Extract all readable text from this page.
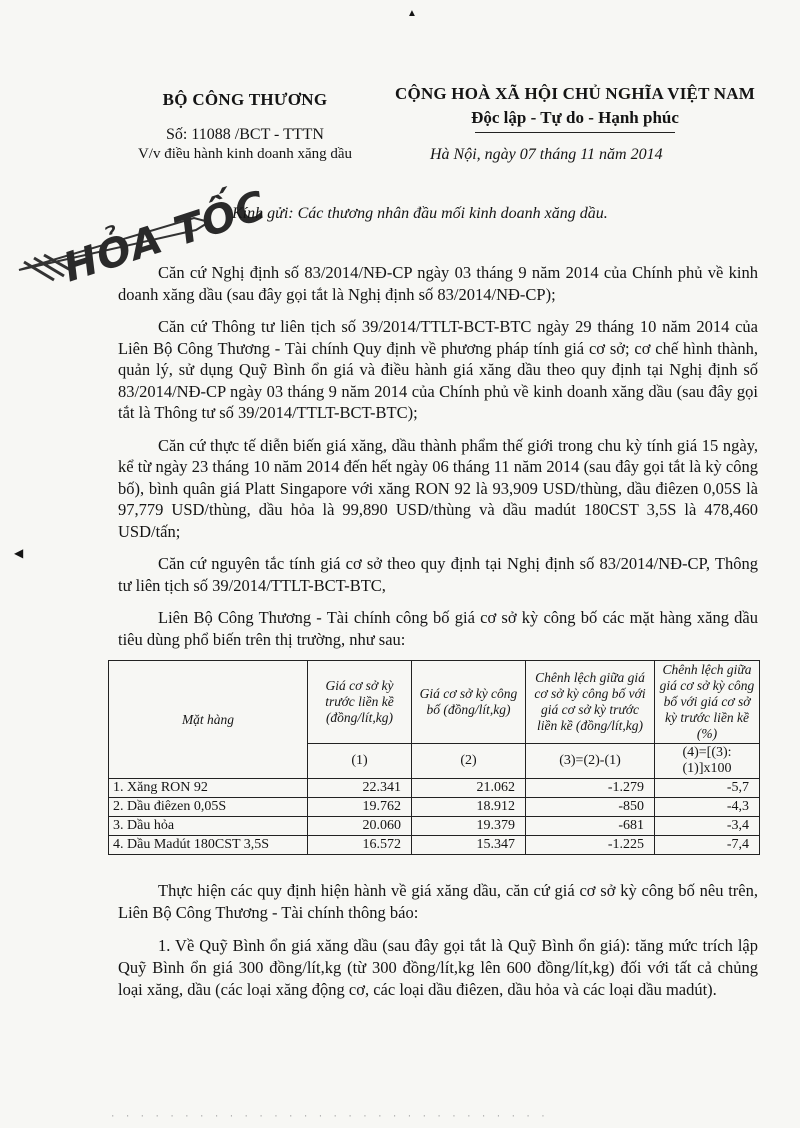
▲
◀
BỘ CÔNG THƯƠNG
Số: 11088 /BCT - TTTN
V/v điều hành kinh doanh xăng dầu
CỘNG HOÀ XÃ HỘI CHỦ NGHĨA VIỆT NAM
Độc lập - Tự do - Hạnh phúc
Hà Nội, ngày 07 tháng 11 năm 2014
HỎA TỐC
Kính gửi: Các thương nhân đầu mối kinh doanh xăng dầu.

Căn cứ Nghị định số 83/2014/NĐ-CP ngày 03 tháng 9 năm 2014 của Chính phủ về kinh doanh xăng dầu (sau đây gọi tắt là Nghị định số 83/2014/NĐ-CP);

Căn cứ Thông tư liên tịch số 39/2014/TTLT-BCT-BTC ngày 29 tháng 10 năm 2014 của Liên Bộ Công Thương - Tài chính Quy định về phương pháp tính giá cơ sở; cơ chế hình thành, quản lý, sử dụng Quỹ Bình ổn giá và điều hành giá xăng dầu theo quy định tại Nghị định số 83/2014/NĐ-CP ngày 03 tháng 9 năm 2014 của Chính phủ về kinh doanh xăng dầu (sau đây gọi tắt là Thông tư số 39/2014/TTLT-BCT-BTC);

Căn cứ thực tế diễn biến giá xăng, dầu thành phẩm thế giới trong chu kỳ tính giá 15 ngày, kể từ ngày 23 tháng 10 năm 2014 đến hết ngày 06 tháng 11 năm 2014 (sau đây gọi tắt là kỳ công bố), bình quân giá Platt Singapore với xăng RON 92 là 93,909 USD/thùng, dầu điêzen 0,05S là 97,779 USD/thùng, dầu hỏa là 99,890 USD/thùng và dầu madút 180CST 3,5S là 478,460 USD/tấn;

Căn cứ nguyên tắc tính giá cơ sở theo quy định tại Nghị định số 83/2014/NĐ-CP, Thông tư liên tịch số 39/2014/TTLT-BCT-BTC,

Liên Bộ Công Thương - Tài chính công bố giá cơ sở kỳ công bố các mặt hàng xăng dầu tiêu dùng phổ biến trên thị trường, như sau:

Mặt hàng	Giá cơ sở kỳ trước liền kề (đồng/lít,kg)	Giá cơ sở kỳ công bố (đồng/lít,kg)	Chênh lệch giữa giá cơ sở kỳ công bố với giá cơ sở kỳ trước liền kề (đồng/lít,kg)	Chênh lệch giữa giá cơ sở kỳ công bố với giá cơ sở kỳ trước liền kề (%)
	(1)	(2)	(3)=(2)-(1)	(4)=[(3):(1)]x100
1. Xăng RON 92	22.341	21.062	-1.279	-5,7
2. Dầu điêzen 0,05S	19.762	18.912	-850	-4,3
3. Dầu hỏa	20.060	19.379	-681	-3,4
4. Dầu Madút 180CST 3,5S	16.572	15.347	-1.225	-7,4

Thực hiện các quy định hiện hành về giá xăng dầu, căn cứ giá cơ sở kỳ công bố nêu trên, Liên Bộ Công Thương - Tài chính thông báo:

1. Về Quỹ Bình ổn giá xăng dầu (sau đây gọi tắt là Quỹ Bình ổn giá): tăng mức trích lập Quỹ Bình ổn giá 300 đồng/lít,kg (từ 300 đồng/lít,kg lên 600 đồng/lít,kg) đối với tất cả chủng loại xăng, dầu (các loại xăng động cơ, các loại dầu điêzen, dầu hỏa và các loại dầu madút).

· · · · · · · · · · · · · · · · · · · · · · · · · · · · · ·
